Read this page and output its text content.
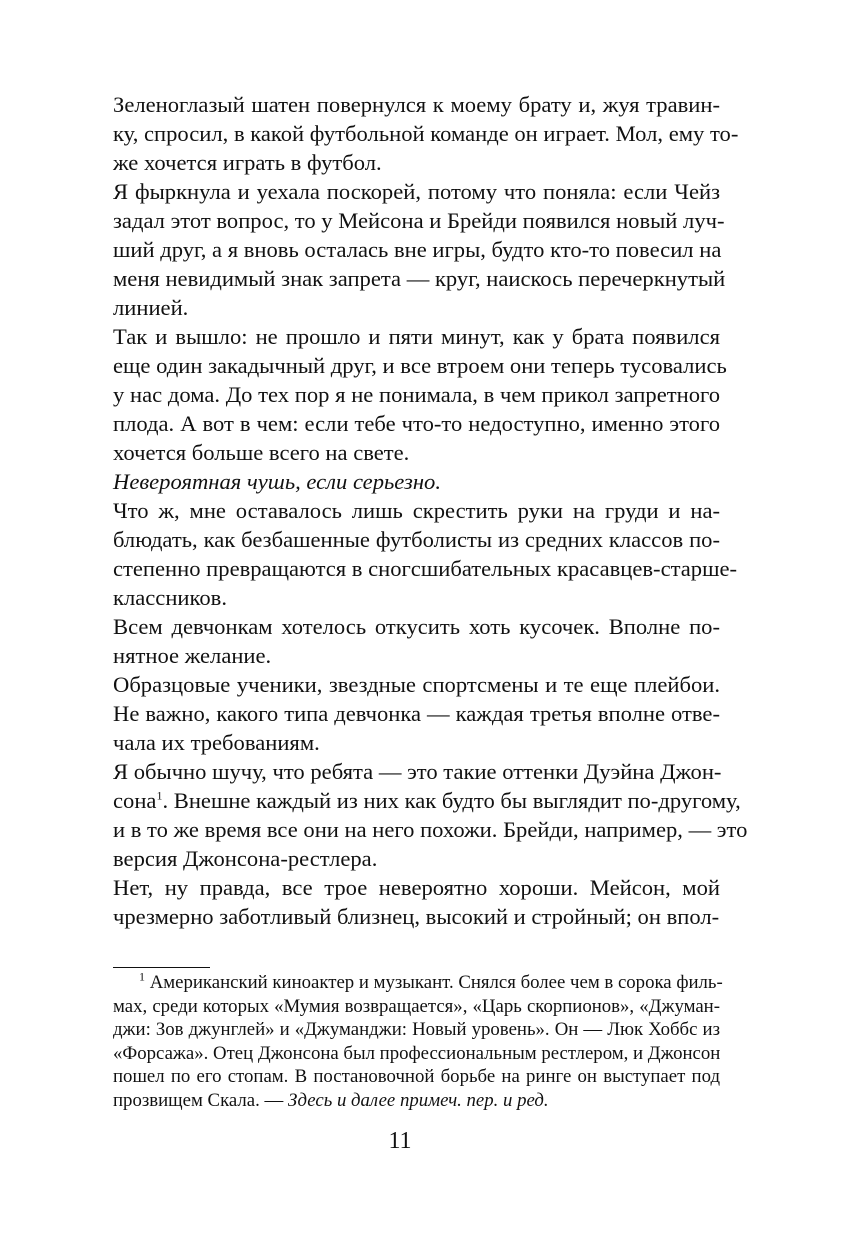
Зеленоглазый шатен повернулся к моему брату и, жуя травин-
ку, спросил, в какой футбольной команде он играет. Мол, ему то-
же хочется играть в футбол.
Я фыркнула и уехала поскорей, потому что поняла: если Чейз
задал этот вопрос, то у Мейсона и Брейди появился новый луч-
ший друг, а я вновь осталась вне игры, будто кто-то повесил на
меня невидимый знак запрета — круг, наискось перечеркнутый
линией.
Так и вышло: не прошло и пяти минут, как у брата появился
еще один закадычный друг, и все втроем они теперь тусовались
у нас дома. До тех пор я не понимала, в чем прикол запретного
плода. А вот в чем: если тебе что-то недоступно, именно этого
хочется больше всего на свете.
Невероятная чушь, если серьезно.
Что ж, мне оставалось лишь скрестить руки на груди и на-
блюдать, как безбашенные футболисты из средних классов по-
степенно превращаются в сногсшибательных красавцев-старше-
классников.
Всем девчонкам хотелось откусить хоть кусочек. Вполне по-
нятное желание.
Образцовые ученики, звездные спортсмены и те еще плейбои.
Не важно, какого типа девчонка — каждая третья вполне отве-
чала их требованиям.
Я обычно шучу, что ребята — это такие оттенки Дуэйна Джон-
сона$^1$. Внешне каждый из них как будто бы выглядит по-другому,
и в то же время все они на него похожи. Брейди, например, — это
версия Джонсона-рестлера.
Нет, ну правда, все трое невероятно хороши. Мейсон, мой
чрезмерно заботливый близнец, высокий и стройный; он впол-
$^1$ Американский киноактер и музыкант. Снялся более чем в сорока филь-
мах, среди которых «Мумия возвращается», «Царь скорпионов», «Джуман-
джи: Зов джунглей» и «Джуманджи: Новый уровень». Он — Люк Хоббс из
«Форсажа». Отец Джонсона был профессиональным рестлером, и Джонсон
пошел по его стопам. В постановочной борьбе на ринге он выступает под
прозвищем Скала. — Здесь и далее примеч. пер. и ред.
11
